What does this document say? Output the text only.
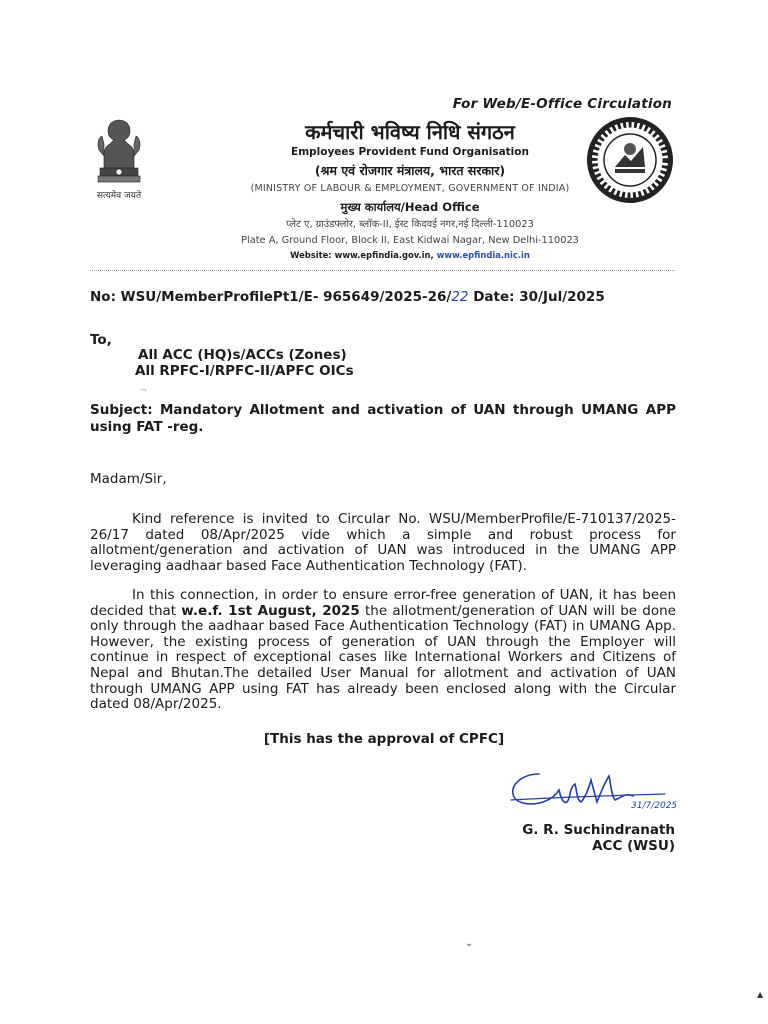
For Web/E-Office Circulation
सत्यमेव जयते
कर्मचारी भविष्य निधि संगठन
Employees Provident Fund Organisation
(श्रम एवं रोजगार मंत्रालय, भारत सरकार)
(MINISTRY OF LABOUR & EMPLOYMENT, GOVERNMENT OF INDIA)
मुख्य कार्यालय/Head Office
प्लेट ए, ग्राउंडफ्लोर, ब्लॉक-II, ईस्ट किदवई नगर,नई दिल्ली-110023
Plate A, Ground Floor, Block II, East Kidwai Nagar, New Delhi-110023
Website: www.epfindia.gov.in, www.epfindia.nic.in
No: WSU/MemberProfilePt1/E- 965649/2025-26/22 Date: 30/Jul/2025
To,
All ACC (HQ)s/ACCs (Zones)
All RPFC-I/RPFC-II/APFC OICs
¬
Subject: Mandatory Allotment and activation of UAN through UMANG APP using FAT -reg.
Madam/Sir,
Kind reference is invited to Circular No. WSU/MemberProfile/E-710137/2025-26/17 dated 08/Apr/2025 vide which a simple and robust process for allotment/generation and activation of UAN was introduced in the UMANG APP leveraging aadhaar based Face Authentication Technology (FAT).
In this connection, in order to ensure error-free generation of UAN, it has been decided that w.e.f. 1st August, 2025 the allotment/generation of UAN will be done only through the aadhaar based Face Authentication Technology (FAT) in UMANG App. However, the existing process of generation of UAN through the Employer will continue in respect of exceptional cases like International Workers and Citizens of Nepal and Bhutan.The detailed User Manual for allotment and activation of UAN through UMANG APP using FAT has already been enclosed along with the Circular dated 08/Apr/2025.
[This has the approval of CPFC]
31/7/2025
G. R. Suchindranath
ACC (WSU)
⌄
▲
